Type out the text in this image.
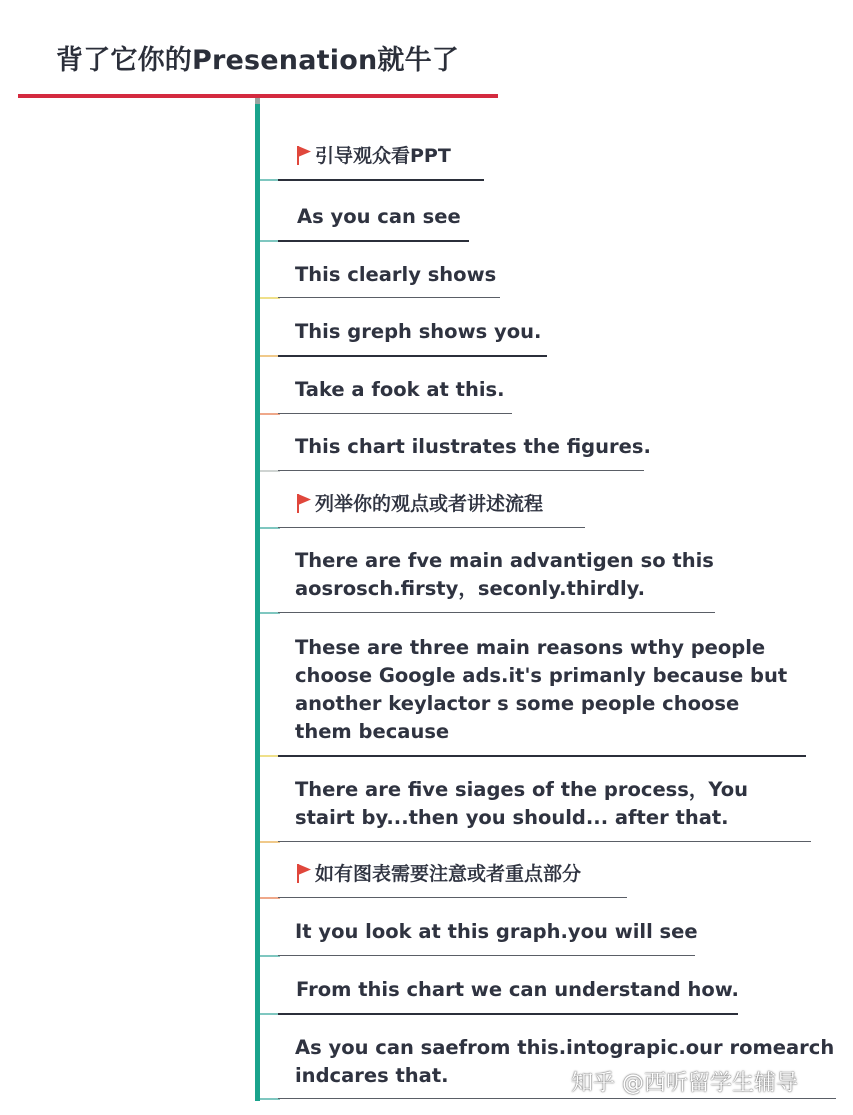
背了它你的Presenation就牛了
引导观众看PPT
As you can see
This clearly shows
This greph shows you.
Take a fook at this.
This chart ilustrates the figures.
列举你的观点或者讲述流程
There are fve main advantigen so this aosrosch.firsty，seconly.thirdly.
These are three main reasons wthy people choose Google ads.it's primanly because but another keylactor s some people choose them because
There are five siages of the process，You stairt by...then you should... after that.
如有图表需要注意或者重点部分
It you look at this graph.you will see
From this chart we can understand how.
As you can saefrom this.intograpic.our romearch indcares that.	知乎 @西听留学生辅导
